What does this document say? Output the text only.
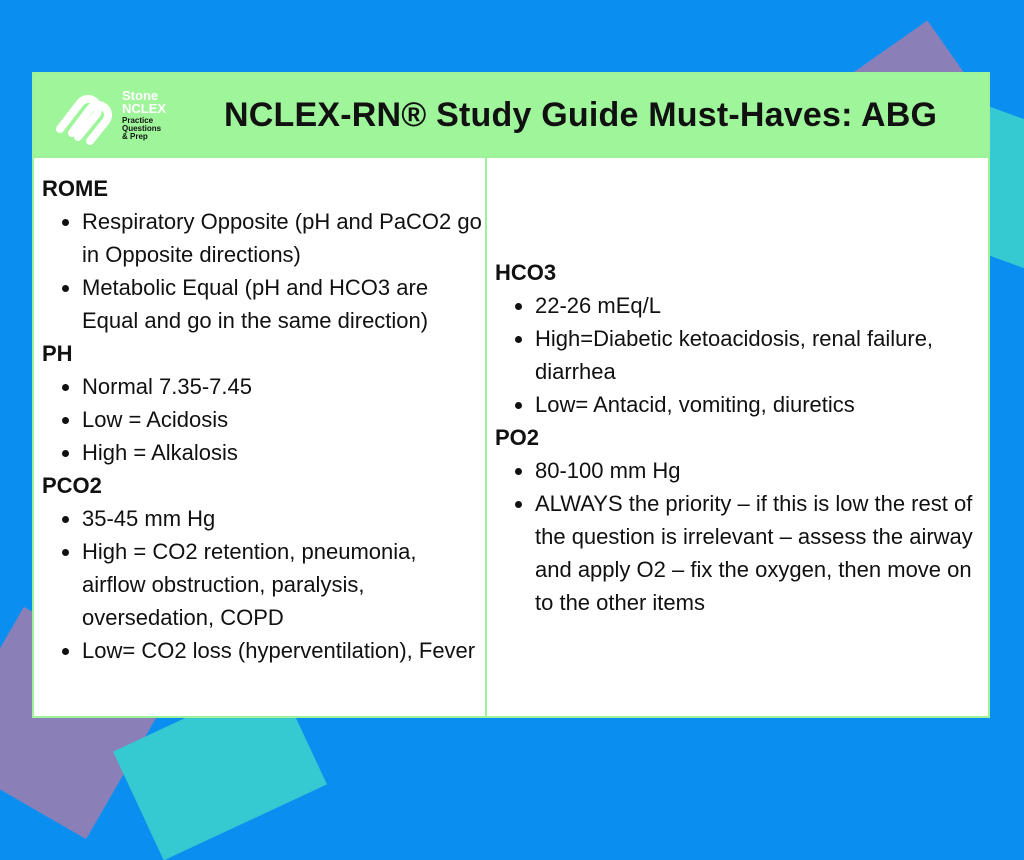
Stone
NCLEX
Practice
Questions
& Prep
NCLEX-RN® Study Guide Must-Haves: ABG
ROME
• Respiratory Opposite (pH and PaCO2 go in Opposite directions)
• Metabolic Equal (pH and HCO3 are Equal and go in the same direction)
PH
• Normal 7.35-7.45
• Low = Acidosis
• High = Alkalosis
PCO2
• 35-45 mm Hg
• High = CO2 retention, pneumonia, airflow obstruction, paralysis, oversedation, COPD
• Low= CO2 loss (hyperventilation), Fever
HCO3
• 22-26 mEq/L
• High=Diabetic ketoacidosis, renal failure, diarrhea
• Low= Antacid, vomiting, diuretics
PO2
• 80-100 mm Hg
• ALWAYS the priority – if this is low the rest of the question is irrelevant – assess the airway and apply O2 – fix the oxygen, then move on to the other items
